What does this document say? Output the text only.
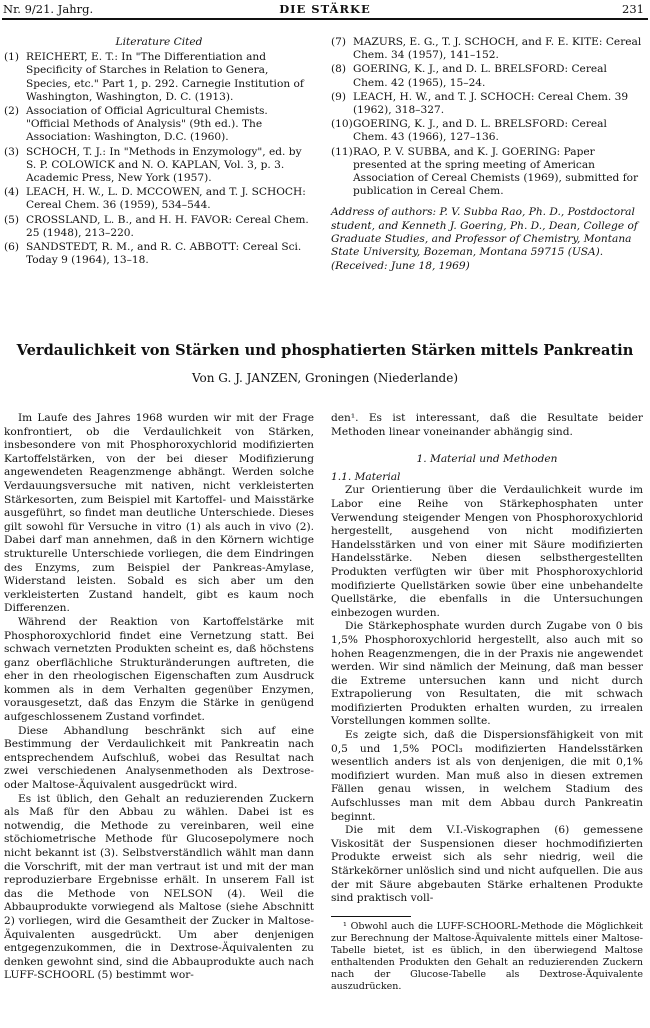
Nr. 9/21. Jahrg.	DIE STÄRKE	231
Literature Cited
(1) REICHERT, E. T.: In "The Differentiation and Specificity of Starches in Relation to Genera, Species, etc." Part 1, p. 292. Carnegie Institution of Washington, Washington, D. C. (1913).
(2) Association of Official Agricultural Chemists. "Official Methods of Analysis" (9th ed.). The Association: Washington, D.C. (1960).
(3) SCHOCH, T. J.: In "Methods in Enzymology", ed. by S. P. COLOWICK and N. O. KAPLAN, Vol. 3, p. 3. Academic Press, New York (1957).
(4) LEACH, H. W., L. D. MCCOWEN, and T. J. SCHOCH: Cereal Chem. 36 (1959), 534–544.
(5) CROSSLAND, L. B., and H. H. FAVOR: Cereal Chem. 25 (1948), 213–220.
(6) SANDSTEDT, R. M., and R. C. ABBOTT: Cereal Sci. Today 9 (1964), 13–18.
(7) MAZURS, E. G., T. J. SCHOCH, and F. E. KITE: Cereal Chem. 34 (1957), 141–152.
(8) GOERING, K. J., and D. L. BRELSFORD: Cereal Chem. 42 (1965), 15–24.
(9) LEACH, H. W., and T. J. SCHOCH: Cereal Chem. 39 (1962), 318–327.
(10) GOERING, K. J., and D. L. BRELSFORD: Cereal Chem. 43 (1966), 127–136.
(11) RAO, P. V. SUBBA, and K. J. GOERING: Paper presented at the spring meeting of American Association of Cereal Chemists (1969), submitted for publication in Cereal Chem.
Address of authors: P. V. Subba Rao, Ph. D., Postdoctoral student, and Kenneth J. Goering, Ph. D., Dean, College of Graduate Studies, and Professor of Chemistry, Montana State University, Bozeman, Montana 59715 (USA).
(Received: June 18, 1969)
Verdaulichkeit von Stärken und phosphatierten Stärken mittels Pankreatin
Von G. J. JANZEN, Groningen (Niederlande)

Im Laufe des Jahres 1968 wurden wir mit der Frage konfrontiert, ob die Verdaulichkeit von Stärken, insbesondere von mit Phosphoroxychlorid modifizierten Kartoffelstärken, von der bei dieser Modifizierung angewendeten Reagenzmenge abhängt. Werden solche Verdauungsversuche mit nativen, nicht verkleisterten Stärkesorten, zum Beispiel mit Kartoffel- und Maisstärke ausgeführt, so findet man deutliche Unterschiede. Dieses gilt sowohl für Versuche in vitro (1) als auch in vivo (2). Dabei darf man annehmen, daß in den Körnern wichtige strukturelle Unterschiede vorliegen, die dem Eindringen des Enzyms, zum Beispiel der Pankreas-Amylase, Widerstand leisten. Sobald es sich aber um den verkleisterten Zustand handelt, gibt es kaum noch Differenzen.

Während der Reaktion von Kartoffelstärke mit Phosphoroxychlorid findet eine Vernetzung statt. Bei schwach vernetzten Produkten scheint es, daß höchstens ganz oberflächliche Strukturänderungen auftreten, die eher in den rheologischen Eigenschaften zum Ausdruck kommen als in dem Verhalten gegenüber Enzymen, vorausgesetzt, daß das Enzym die Stärke in genügend aufgeschlossenem Zustand vorfindet.

Diese Abhandlung beschränkt sich auf eine Bestimmung der Verdaulichkeit mit Pankreatin nach entsprechendem Aufschluß, wobei das Resultat nach zwei verschiedenen Analysenmethoden als Dextrose- oder Maltose-Äquivalent ausgedrückt wird.

Es ist üblich, den Gehalt an reduzierenden Zuckern als Maß für den Abbau zu wählen. Dabei ist es notwendig, die Methode zu vereinbaren, weil eine stöchiometrische Methode für Glucosepolymere noch nicht bekannt ist (3). Selbstverständlich wählt man dann die Vorschrift, mit der man vertraut ist und mit der man reproduzierbare Ergebnisse erhält. In unserem Fall ist das die Methode von NELSON (4). Weil die Abbauprodukte vorwiegend als Maltose (siehe Abschnitt 2) vorliegen, wird die Gesamtheit der Zucker in Maltose-Äquivalenten ausgedrückt. Um aber denjenigen entgegenzukommen, die in Dextrose-Äquivalenten zu denken gewohnt sind, sind die Abbauprodukte auch nach LUFF-SCHOORL (5) bestimmt wor-

den¹. Es ist interessant, daß die Resultate beider Methoden linear voneinander abhängig sind.

1. Material und Methoden
1.1. Material

Zur Orientierung über die Verdaulichkeit wurde im Labor eine Reihe von Stärkephosphaten unter Verwendung steigender Mengen von Phosphoroxychlorid hergestellt, ausgehend von nicht modifizierten Handelsstärken und von einer mit Säure modifizierten Handelsstärke. Neben diesen selbsthergestellten Produkten verfügten wir über mit Phosphoroxychlorid modifizierte Quellstärken sowie über eine unbehandelte Quellstärke, die ebenfalls in die Untersuchungen einbezogen wurden.

Die Stärkephosphate wurden durch Zugabe von 0 bis 1,5% Phosphoroxychlorid hergestellt, also auch mit so hohen Reagenzmengen, die in der Praxis nie angewendet werden. Wir sind nämlich der Meinung, daß man besser die Extreme untersuchen kann und nicht durch Extrapolierung von Resultaten, die mit schwach modifizierten Produkten erhalten wurden, zu irrealen Vorstellungen kommen sollte.

Es zeigte sich, daß die Dispersionsfähigkeit von mit 0,5 und 1,5% POCl₃ modifizierten Handelsstärken wesentlich anders ist als von denjenigen, die mit 0,1% modifiziert wurden. Man muß also in diesen extremen Fällen genau wissen, in welchem Stadium des Aufschlusses man mit dem Abbau durch Pankreatin beginnt.

Die mit dem V.I.-Viskographen (6) gemessene Viskosität der Suspensionen dieser hochmodifizierten Produkte erweist sich als sehr niedrig, weil die Stärkekörner unlöslich sind und nicht aufquellen. Die aus der mit Säure abgebauten Stärke erhaltenen Produkte sind praktisch voll-

¹ Obwohl auch die LUFF-SCHOORL-Methode die Möglichkeit zur Berechnung der Maltose-Äquivalente mittels einer Maltose-Tabelle bietet, ist es üblich, in den überwiegend Maltose enthaltenden Produkten den Gehalt an reduzierenden Zuckern nach der Glucose-Tabelle als Dextrose-Äquivalente auszudrücken.
